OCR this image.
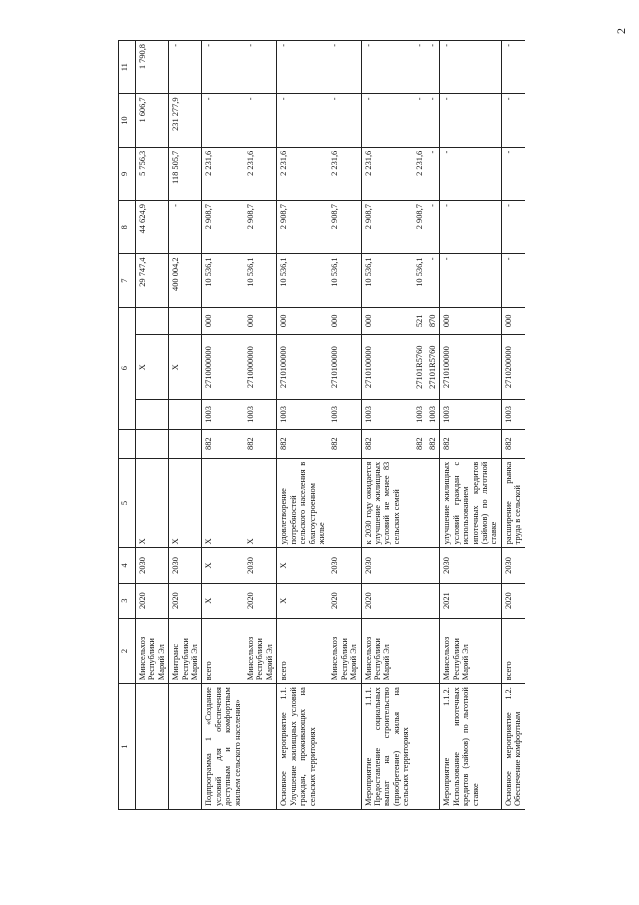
2
1	2	3	4	5		6			7	8	9	10	11
	Минсельхоз Республики Марий Эл	2020	2030	X			X		29 747,4	44 624,9	5 756,3	1 606,7	1 790,8
	Минтранс Республики Марий Эл	2020	2030	X			X		400 004,2	-	118 505,7	231 277,9	-
Подпрограмма 1 «Создание условий для обеспечения доступным и комфортным жильем сельского населения»	всего	X	X	X	882	1003	2710000000	000	10 536,1	2 908,7	2 231,6	-	-
	Минсельхоз Республики Марий Эл	2020	2030	X	882	1003	2710000000	000	10 536,1	2 908,7	2 231,6	-	-
Основное мероприятие 1.1. Улучшение жилищных условий граждан, проживающих на сельских территориях	всего	X	X	удовлетворение потребностей сельского населения в благоустроенном жилье	882	1003	2710100000	000	10 536,1	2 908,7	2 231,6	-	-
	Минсельхоз Республики Марий Эл	2020	2030		882	1003	2710100000	000	10 536,1	2 908,7	2 231,6	-	-
Мероприятие 1.1.1. Предоставление социальных выплат на строительство (приобретение) жилья на сельских территориях	Минсельхоз Республики Марий Эл	2020	2030	к 2030 году ожидается улучшение жилищных условий не менее 83 сельских семей	882	1003	2710100000	000	10 536,1	2 908,7	2 231,6	-	-
					882	1003	27101R5760	521	10 536,1	2 908,7	2 231,6	-	-
					882	1003	27101R5760	870	-	-	-	-	-
Мероприятие 1.1.2. Использование ипотечных кредитов (займов) по льготной ставке	Минсельхоз Республики Марий Эл	2021	2030	улучшение жилищных условий граждан с использованием ипотечных кредитов (займов) по льготной ставке	882	1003	2710100000	000	-	-	-	-	-
Основное мероприятие 1.2. Обеспечение комфортным	всего	2020	2030	расширение рынка труда в сельской	882	1003	2710200000	000	-	-	-	-	-
